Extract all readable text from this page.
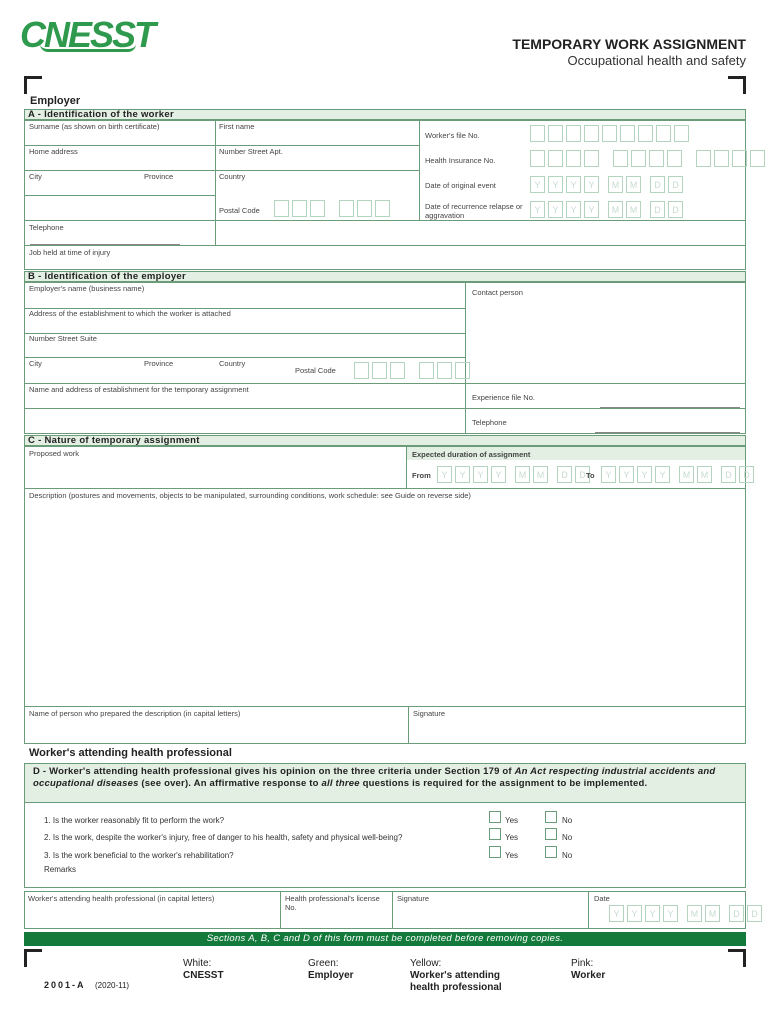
CNESST	TEMPORARY WORK ASSIGNMENT
Occupational health and safety
Employer
A - Identification of the worker
Surname (as shown on birth certificate)	First name
Worker's file No.
Home address	Number Street Apt.
Health Insurance No.
City	Province	Country
Date of original event	Y	Y	Y	Y	M	M	D	D
Postal Code	Date of recurrence relapse or aggravation
Y	Y	Y	Y	M	M	D	D
Telephone
Job held at time of injury
B - Identification of the employer
Employer's name (business name)	Contact person
Address of the establishment to which the worker is attached
Number Street Suite
City	Province	Country
Postal Code
Name and address of establishment for the temporary assignment
Experience file No.
Telephone
C - Nature of temporary assignment
Proposed work	Expected duration of assignment
From	Y	Y	Y	Y	M	M	D	D To	Y	Y	Y	Y	M	M	D	D
Description (postures and movements, objects to be manipulated, surrounding conditions, work schedule: see Guide on reverse side)
Name of person who prepared the description (in capital letters)	Signature
Worker's attending health professional
D - Worker's attending health professional gives his opinion on the three criteria under Section 179 of An Act respecting industrial accidents and occupational diseases (see over). An affirmative response to all three questions is required for the assignment to be implemented.
1. Is the worker reasonably fit to perform the work?	Yes	No
2. Is the work, despite the worker's injury, free of danger to his health, safety and physical well-being?	Yes	No
3. Is the work beneficial to the worker's rehabilitation?	Yes	No
Remarks
Worker's attending health professional (in capital letters)	Health professional's license No.
Signature	Date
Y	Y	Y	Y	M	M	D	D
Sections A, B, C and D of this form must be completed before removing copies.
White:
CNESST
Green:
Employer
Yellow:
Worker's attending health professional
Pink:
Worker
2001-A (2020-11)
